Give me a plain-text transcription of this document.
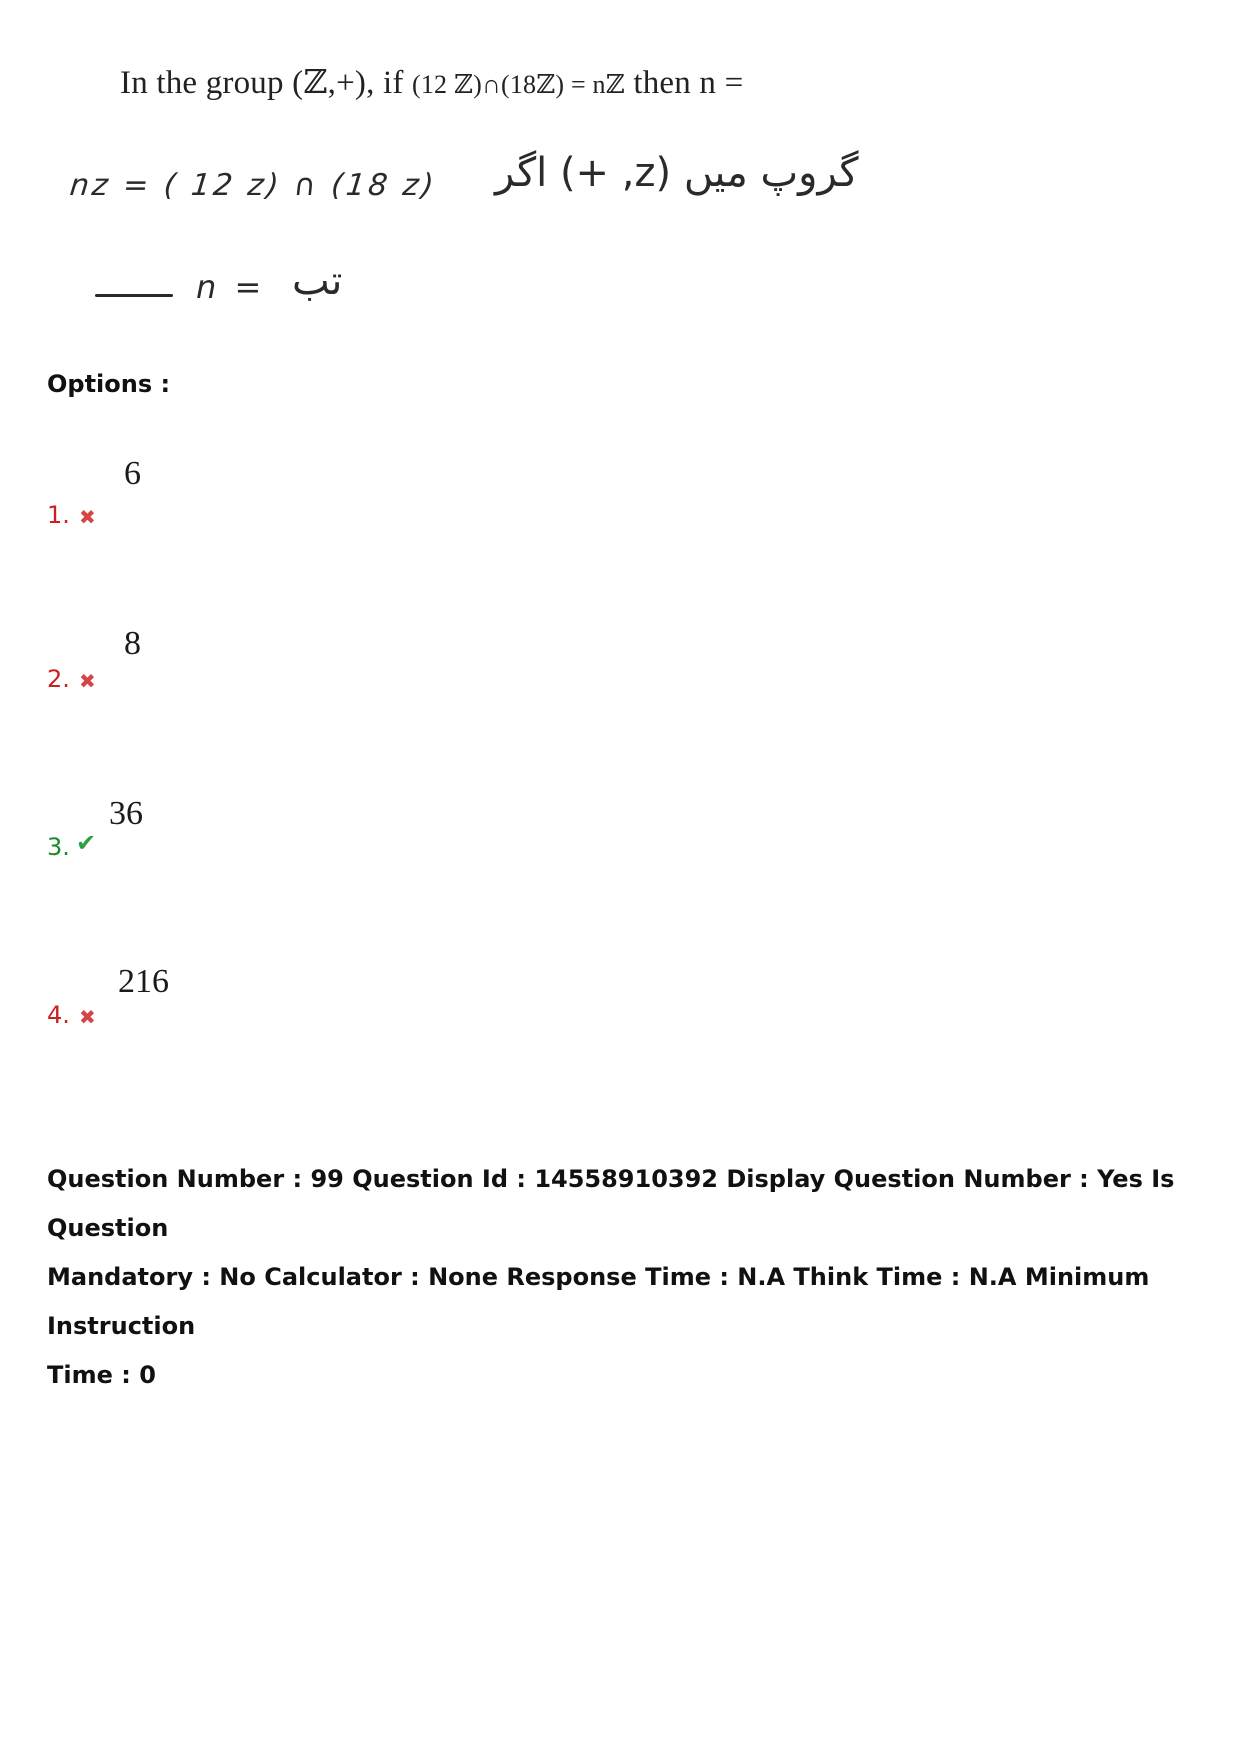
In the group (ℤ,+), if (12 ℤ)∩(18ℤ) = nℤ then n =
nz = ( 12 z) ∩ (18 z) گروپ میں (z, +) اگر
n = تب
Options :
6
1. ✖
8
2. ✖
36
3. ✔
216
4. ✖
Question Number : 99 Question Id : 14558910392 Display Question Number : Yes Is Question
Mandatory : No Calculator : None Response Time : N.A Think Time : N.A Minimum Instruction
Time : 0
